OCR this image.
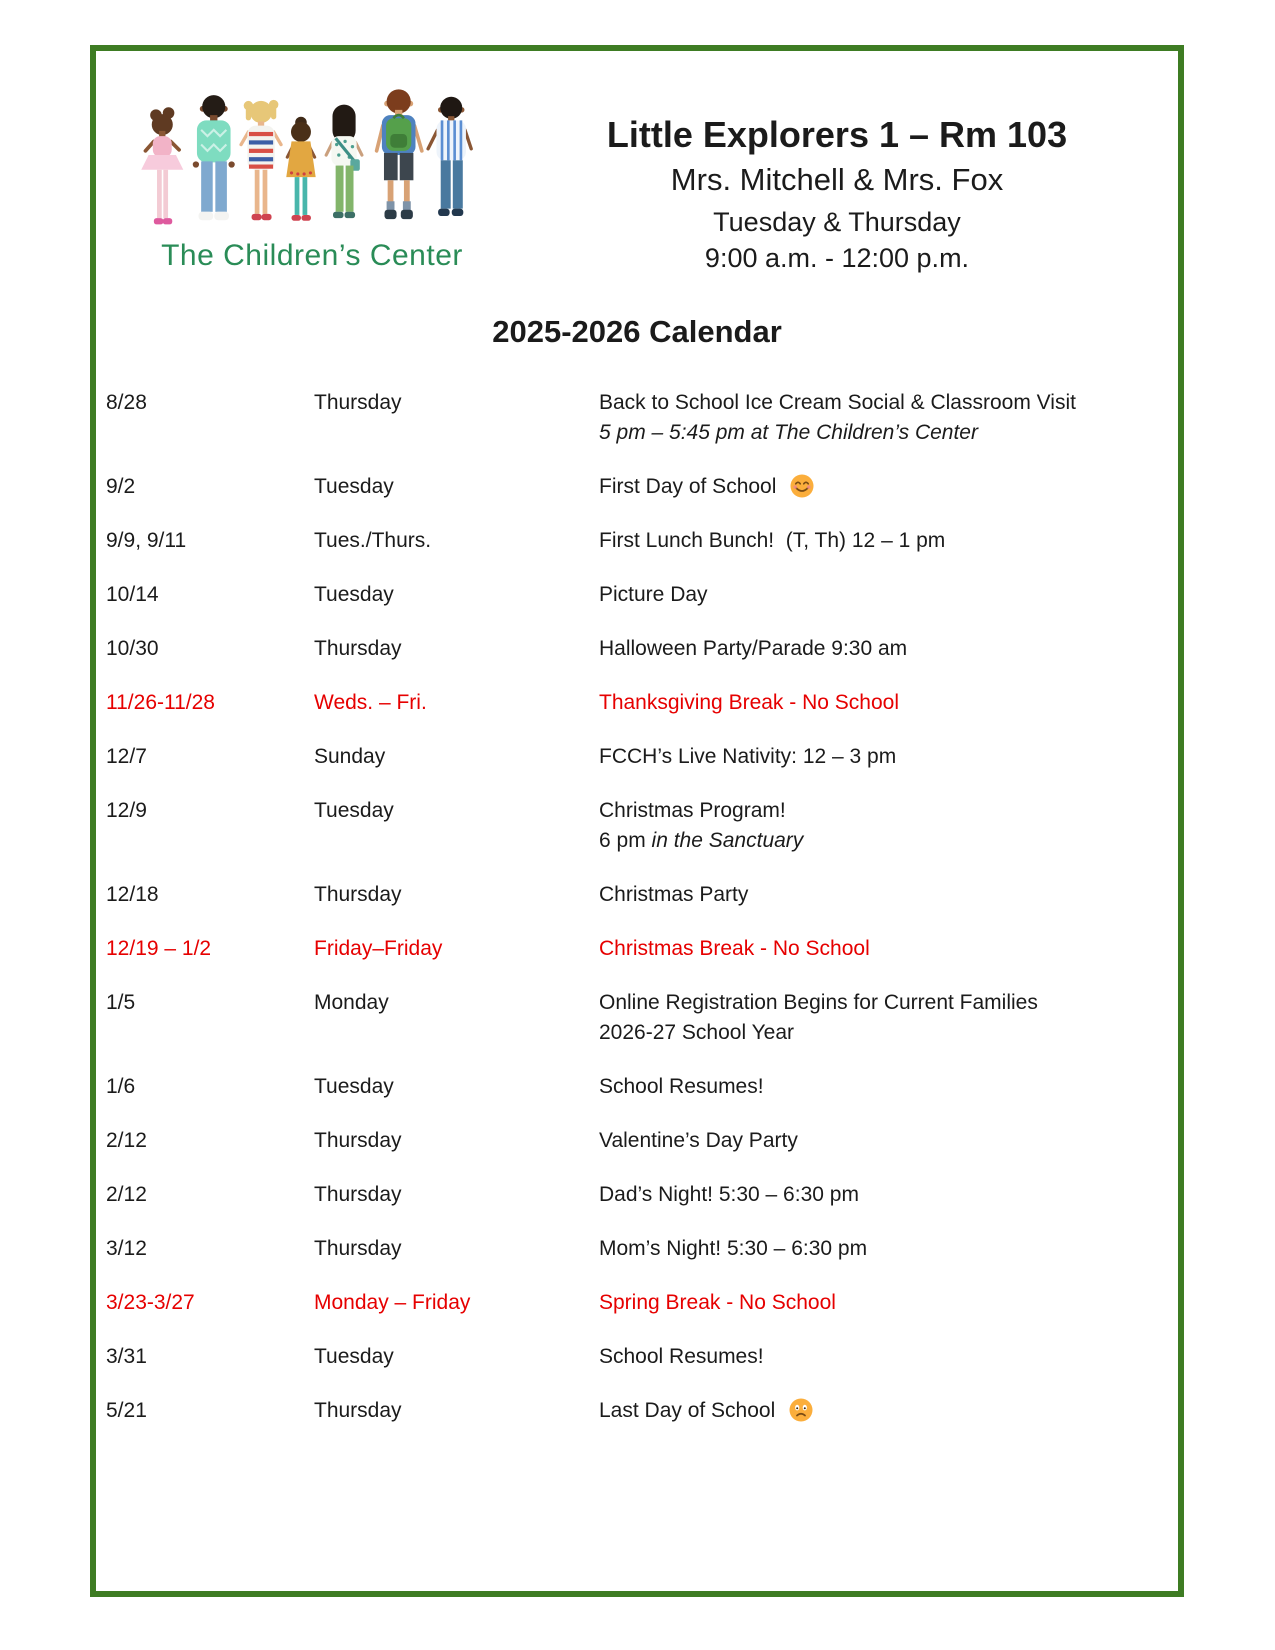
The Children’s Center
Little Explorers 1 – Rm 103
Mrs. Mitchell & Mrs. Fox
Tuesday & Thursday
9:00 a.m. - 12:00 p.m.
2025-2026 Calendar
8/28	Thursday	Back to School Ice Cream Social & Classroom Visit
5 pm – 5:45 pm at The Children’s Center
9/2	Tuesday	First Day of School
9/9, 9/11	Tues./Thurs.	First Lunch Bunch!  (T, Th) 12 – 1 pm
10/14	Tuesday	Picture Day
10/30	Thursday	Halloween Party/Parade 9:30 am
11/26-11/28	Weds. – Fri.	Thanksgiving Break - No School
12/7	Sunday	FCCH’s Live Nativity: 12 – 3 pm
12/9	Tuesday	Christmas Program!
6 pm in the Sanctuary
12/18	Thursday	Christmas Party
12/19 – 1/2	Friday–Friday	Christmas Break - No School
1/5	Monday	Online Registration Begins for Current Families
2026-27 School Year
1/6	Tuesday	School Resumes!
2/12	Thursday	Valentine’s Day Party
2/12	Thursday	Dad’s Night! 5:30 – 6:30 pm
3/12	Thursday	Mom’s Night! 5:30 – 6:30 pm
3/23-3/27	Monday – Friday	Spring Break - No School
3/31	Tuesday	School Resumes!
5/21	Thursday	Last Day of School
